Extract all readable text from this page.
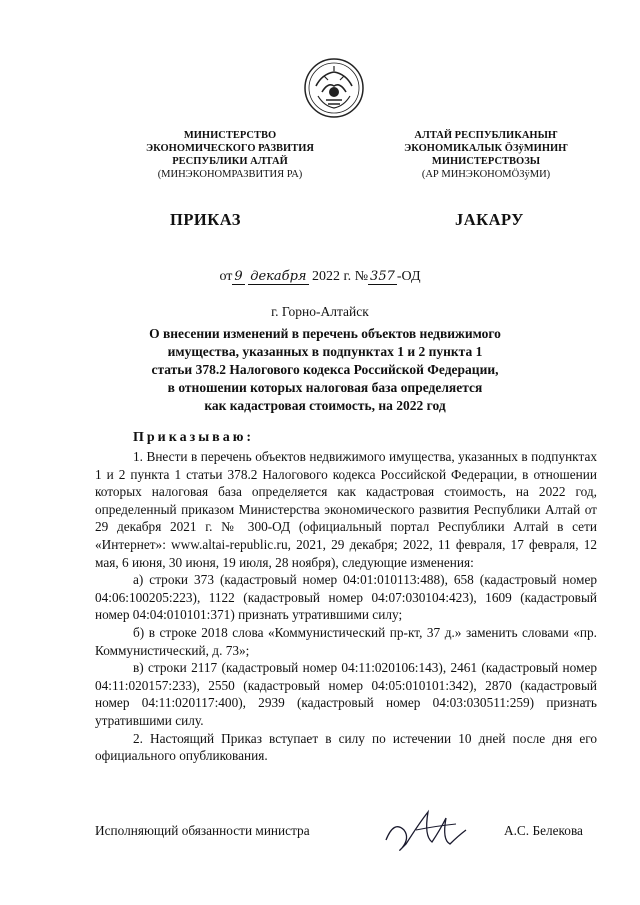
МИНИСТЕРСТВО
ЭКОНОМИЧЕСКОГО РАЗВИТИЯ
РЕСПУБЛИКИ АЛТАЙ
(МИНЭКОНОМРАЗВИТИЯ РА)
АЛТАЙ РЕСПУБЛИКАНЫҤ
ЭКОНОМИКАЛЫК ÖЗÿМИНИҤ
МИНИСТЕРСТВОЗЫ
(АР МИНЭКОНОМÖЗÿМИ)
ПРИКАЗ	JАКАРУ
от 9 декабря 2022 г. № 357 -ОД
г. Горно-Алтайск
О внесении изменений в перечень объектов недвижимого
имущества, указанных в подпунктах 1 и 2 пункта 1
статьи 378.2 Налогового кодекса Российской Федерации,
в отношении которых налоговая база определяется
как кадастровая стоимость, на 2022 год
Приказываю:

1. Внести в перечень объектов недвижимого имущества, указанных в подпунктах 1 и 2 пункта 1 статьи 378.2 Налогового кодекса Российской Федерации, в отношении которых налоговая база определяется как кадастровая стоимость, на 2022 год, определенный приказом Министерства экономического развития Республики Алтай от 29 декабря 2021 г. № 300-ОД (официальный портал Республики Алтай в сети «Интернет»: www.altai-republic.ru, 2021, 29 декабря; 2022, 11 февраля, 17 февраля, 12 мая, 6 июня, 30 июня, 19 июля, 28 ноября), следующие изменения:

а) строки 373 (кадастровый номер 04:01:010113:488), 658 (кадастровый номер 04:06:100205:223), 1122 (кадастровый номер 04:07:030104:423), 1609 (кадастровый номер 04:04:010101:371) признать утратившими силу;

б) в строке 2018 слова «Коммунистический пр-кт, 37 д.» заменить словами «пр. Коммунистический, д. 73»;

в) строки 2117 (кадастровый номер 04:11:020106:143), 2461 (кадастровый номер 04:11:020157:233), 2550 (кадастровый номер 04:05:010101:342), 2870 (кадастровый номер 04:11:020117:400), 2939 (кадастровый номер 04:03:030511:259) признать утратившими силу.

2. Настоящий Приказ вступает в силу по истечении 10 дней после дня его официального опубликования.

Исполняющий обязанности министра	А.С. Белекова
